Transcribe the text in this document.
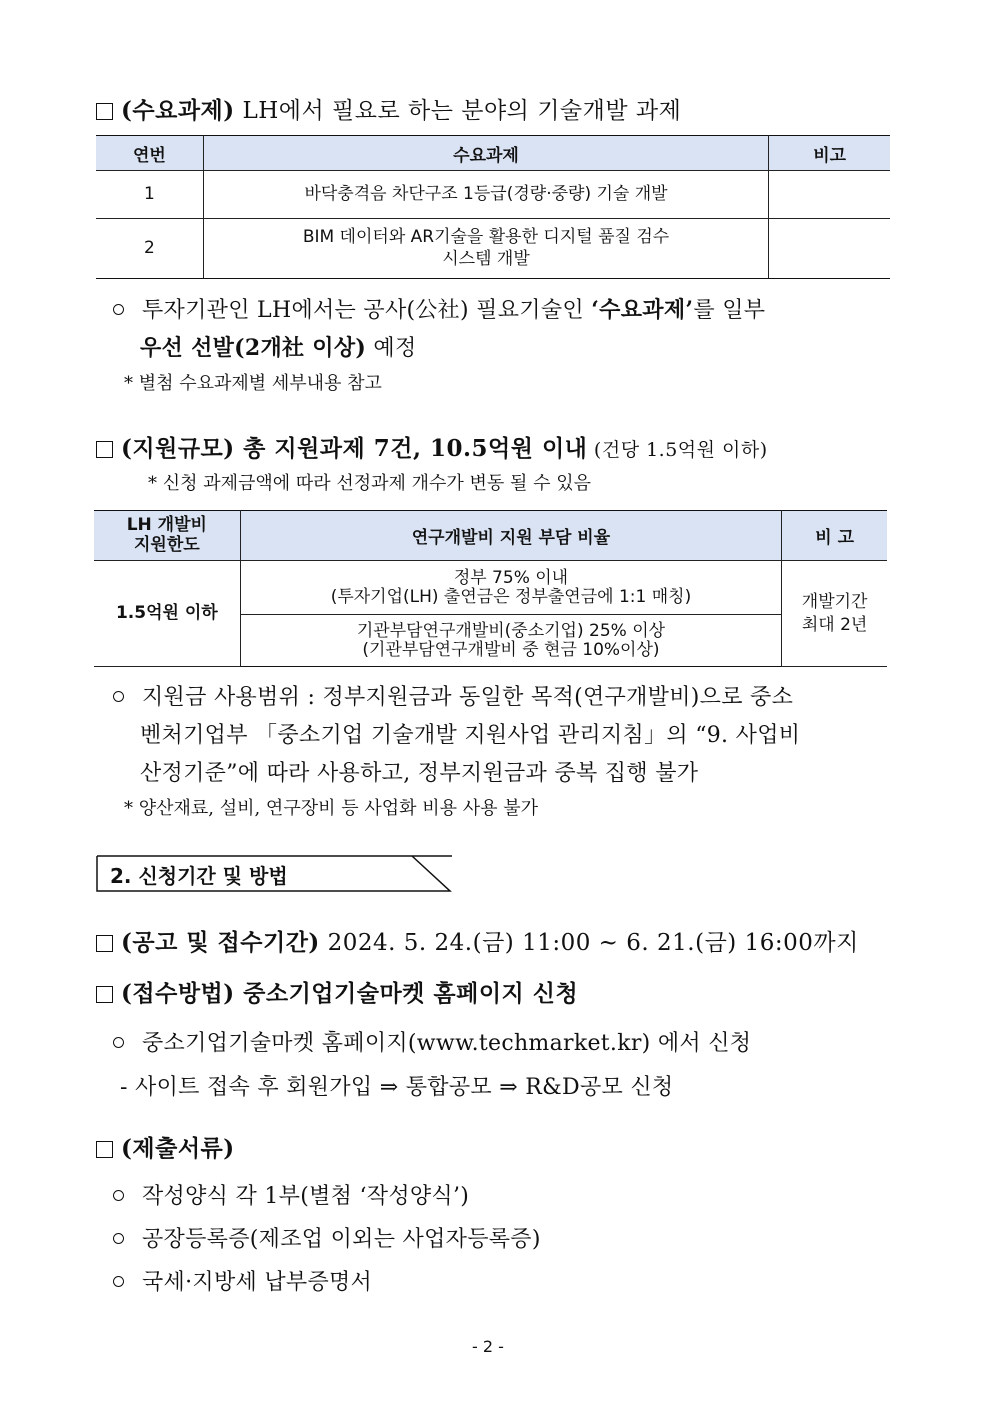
(수요과제) LH에서 필요로 하는 분야의 기술개발 과제
연번	수요과제	비고
1	바닥충격음 차단구조 1등급(경량·중량) 기술 개발	
2	BIM 데이터와 AR기술을 활용한 디지털 품질 검수
시스템 개발	
투자기관인 LH에서는 공사(公社) 필요기술인 ‘수요과제’를 일부
우선 선발(2개社 이상) 예정
* 별첨 수요과제별 세부내용 참고
(지원규모) 총 지원과제 7건, 10.5억원 이내 (건당 1.5억원 이하)
* 신청 과제금액에 따라 선정과제 개수가 변동 될 수 있음
LH 개발비
지원한도	연구개발비 지원 부담 비율	비 고
1.5억원 이하	정부 75% 이내
(투자기업(LH) 출연금은 정부출연금에 1:1 매칭)	개발기간
최대 2년
	기관부담연구개발비(중소기업) 25% 이상
(기관부담연구개발비 중 현금 10%이상)	
지원금 사용범위 : 정부지원금과 동일한 목적(연구개발비)으로 중소
벤처기업부 「중소기업 기술개발 지원사업 관리지침」의 “9. 사업비
산정기준”에 따라 사용하고, 정부지원금과 중복 집행 불가
* 양산재료, 설비, 연구장비 등 사업화 비용 사용 불가
2. 신청기간 및 방법
(공고 및 접수기간) 2024. 5. 24.(금) 11:00 ~ 6. 21.(금) 16:00까지
(접수방법) 중소기업기술마켓 홈페이지 신청
중소기업기술마켓 홈페이지(www.techmarket.kr) 에서 신청
- 사이트 접속 후 회원가입 ⇒ 통합공모 ⇒ R&D공모 신청
(제출서류)
작성양식 각 1부(별첨 ‘작성양식’)
공장등록증(제조업 이외는 사업자등록증)
국세·지방세 납부증명서
- 2 -
